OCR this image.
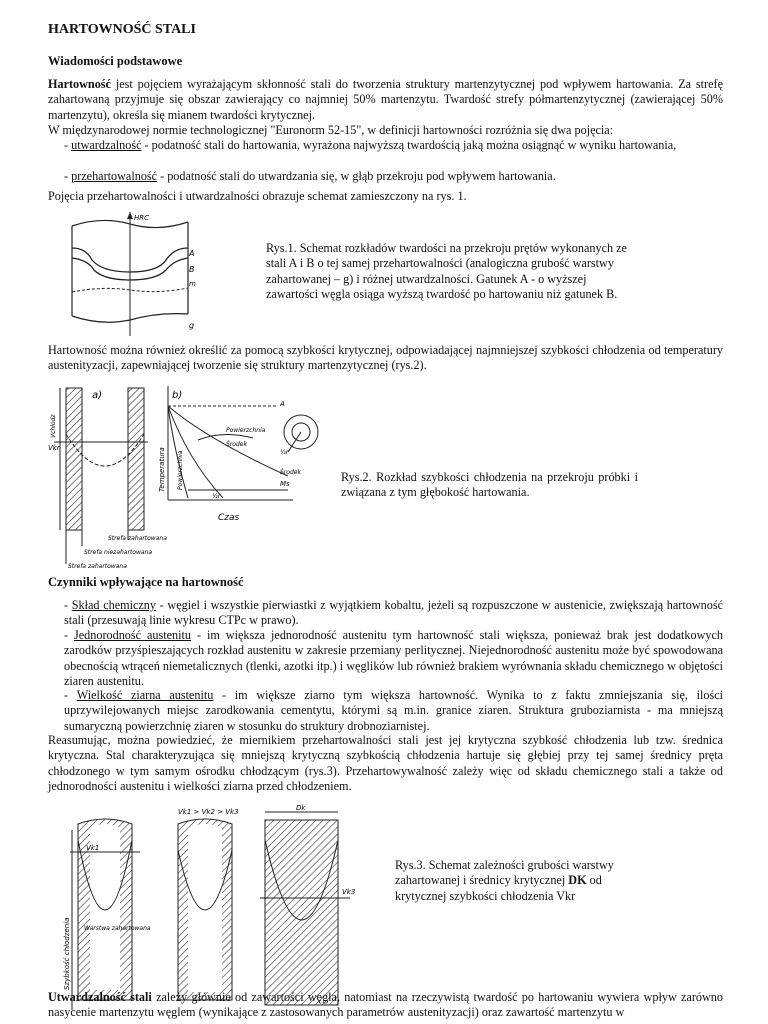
HARTOWNOŚĆ STALI
Wiadomości podstawowe
Hartowność jest pojęciem wyrażającym skłonność stali do tworzenia struktury martenzytycznej pod wpływem hartowania. Za strefę zahartowaną przyjmuje się obszar zawierający co najmniej 50% martenzytu. Twardość strefy półmartenzytycznej (zawierającej 50% martenzytu), określa się mianem twardości krytycznej.
W międzynarodowej normie technologicznej "Euronorm 52-15", w definicji hartowności rozróżnia się dwa pojęcia:
- utwardzalność - podatność stali do hartowania, wyrażona najwyższą twardością jaką można osiągnąć w wyniku hartowania,
- przehartowalność - podatność stali do utwardzania się, w głąb przekroju pod wpływem hartowania.
Pojęcia przehartowalności i utwardzalności obrazuje schemat zamieszczony na rys. 1.
HRC
A
B
m
g
Rys.1. Schemat rozkładów twardości na przekroju prętów wykonanych ze stali A i B o tej samej przehartowalności (analogiczna grubość warstwy zahartowanej – g) i różnej utwardzalności. Gatunek A - o wyższej zawartości węgla osiąga wyższą twardość po hartowaniu niż gatunek B.
Hartowność można również określić za pomocą szybkości krytycznej, odpowiadającej najmniejszej szybkości chłodzenia od temperatury austenityzacji, zapewniającej tworzenie się struktury martenzytycznej (rys.2).
a)
Vchłodz
Vkr
b)
A
Powierzchnia
Środek
Temperatura Powierzchnia
½r
Ms
Czas
½r
Środek
Strefa zahartowana
Strefa niezahartowana
Strefa zahartowana
Rys.2. Rozkład szybkości chłodzenia na przekroju próbki i związana z tym głębokość hartowania.
Czynniki wpływające na hartowność
- Skład chemiczny - węgiel i wszystkie pierwiastki z wyjątkiem kobaltu, jeżeli są rozpuszczone w austenicie, zwiększają hartowność stali (przesuwają linie wykresu CTPc w prawo).
- Jednorodność austenitu - im większa jednorodność austenitu tym hartowność stali większa, ponieważ brak jest dodatkowych zarodków przyśpieszających rozkład austenitu w zakresie przemiany perlitycznej. Niejednorodność austenitu może być spowodowana obecnością wtrąceń niemetalicznych (tlenki, azotki itp.) i węglików lub również brakiem wyrównania składu chemicznego w objętości ziaren austenitu.
- Wielkość ziarna austenitu - im większe ziarno tym większa hartowność. Wynika to z faktu zmniejszania się, ilości uprzywilejowanych miejsc zarodkowania cementytu, którymi są m.in. granice ziaren. Struktura gruboziarnista - ma mniejszą sumaryczną powierzchnię ziaren w stosunku do struktury drobnoziarnistej.
Reasumując, można powiedzieć, że miernikiem przehartowalności stali jest jej krytyczna szybkość chłodzenia lub tzw. średnica krytyczna. Stal charakteryzująca się mniejszą krytyczną szybkością chłodzenia hartuje się głębiej przy tej samej średnicy pręta chłodzonego w tym samym ośrodku chłodzącym (rys.3). Przehartowywalność zależy więc od składu chemicznego stali a także od jednorodności austenitu i wielkości ziarna przed chłodzeniem.
Vk1 > Vk2 > Vk3
Vk1
Szybkość chłodzenia Warstwa zahartowana
Dk
Vk3
Rys.3. Schemat zależności grubości warstwy zahartowanej i średnicy krytycznej DK od krytycznej szybkości chłodzenia Vkr
Utwardzalność stali zależy głównie od zawartości węgla, natomiast na rzeczywistą twardość po hartowaniu wywiera wpływ zarówno nasycenie martenzytu węglem (wynikające z zastosowanych parametrów austenityzacji) oraz zawartość martenzytu w
